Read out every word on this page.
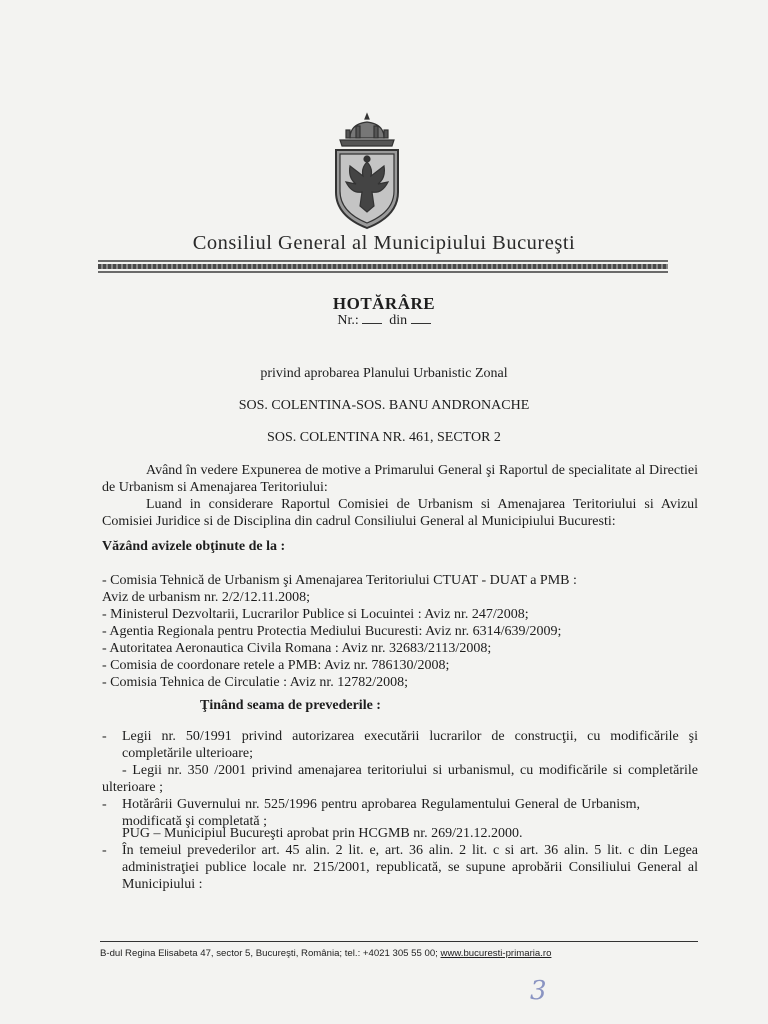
Consiliul General al Municipiului Bucureşti
HOTĂRÂRE
Nr.: din
privind aprobarea Planului Urbanistic Zonal
SOS. COLENTINA-SOS. BANU ANDRONACHE
SOS. COLENTINA NR. 461, SECTOR 2
Având în vedere Expunerea de motive a Primarului General şi Raportul de specialitate al Directiei de Urbanism si Amenajarea Teritoriului:
Luand in considerare Raportul Comisiei de Urbanism si Amenajarea Teritoriului si Avizul Comisiei Juridice si de Disciplina din cadrul Consiliului General al Municipiului Bucuresti:
Văzând avizele obţinute de la :
- Comisia Tehnică de Urbanism şi Amenajarea Teritoriului CTUAT - DUAT a PMB :
Aviz de urbanism nr. 2/2/12.11.2008;
- Ministerul Dezvoltarii, Lucrarilor Publice si Locuintei : Aviz nr. 247/2008;
- Agentia Regionala pentru Protectia Mediului Bucuresti: Aviz nr. 6314/639/2009;
- Autoritatea Aeronautica Civila Romana : Aviz nr. 32683/2113/2008;
- Comisia de coordonare retele a PMB: Aviz nr. 786130/2008;
- Comisia Tehnica de Circulatie : Aviz nr. 12782/2008;
Ţinând seama de prevederile :
- Legii nr. 50/1991 privind autorizarea executării lucrarilor de construcţii, cu modificările şi completările ulterioare;
- Legii nr. 350 /2001 privind amenajarea teritoriului si urbanismul, cu modificările si completările ulterioare ;
- Hotărârii Guvernului nr. 525/1996 pentru aprobarea Regulamentului General de Urbanism, modificată şi completată ;
PUG – Municipiul Bucureşti aprobat prin HCGMB nr. 269/21.12.2000.
- În temeiul prevederilor art. 45 alin. 2 lit. e, art. 36 alin. 2 lit. c si art. 36 alin. 5 lit. c din Legea administraţiei publice locale nr. 215/2001, republicată, se supune aprobării Consiliului General al Municipiului :
B-dul Regina Elisabeta 47, sector 5, Bucureşti, România; tel.: +4021 305 55 00; www.bucuresti-primaria.ro
3
